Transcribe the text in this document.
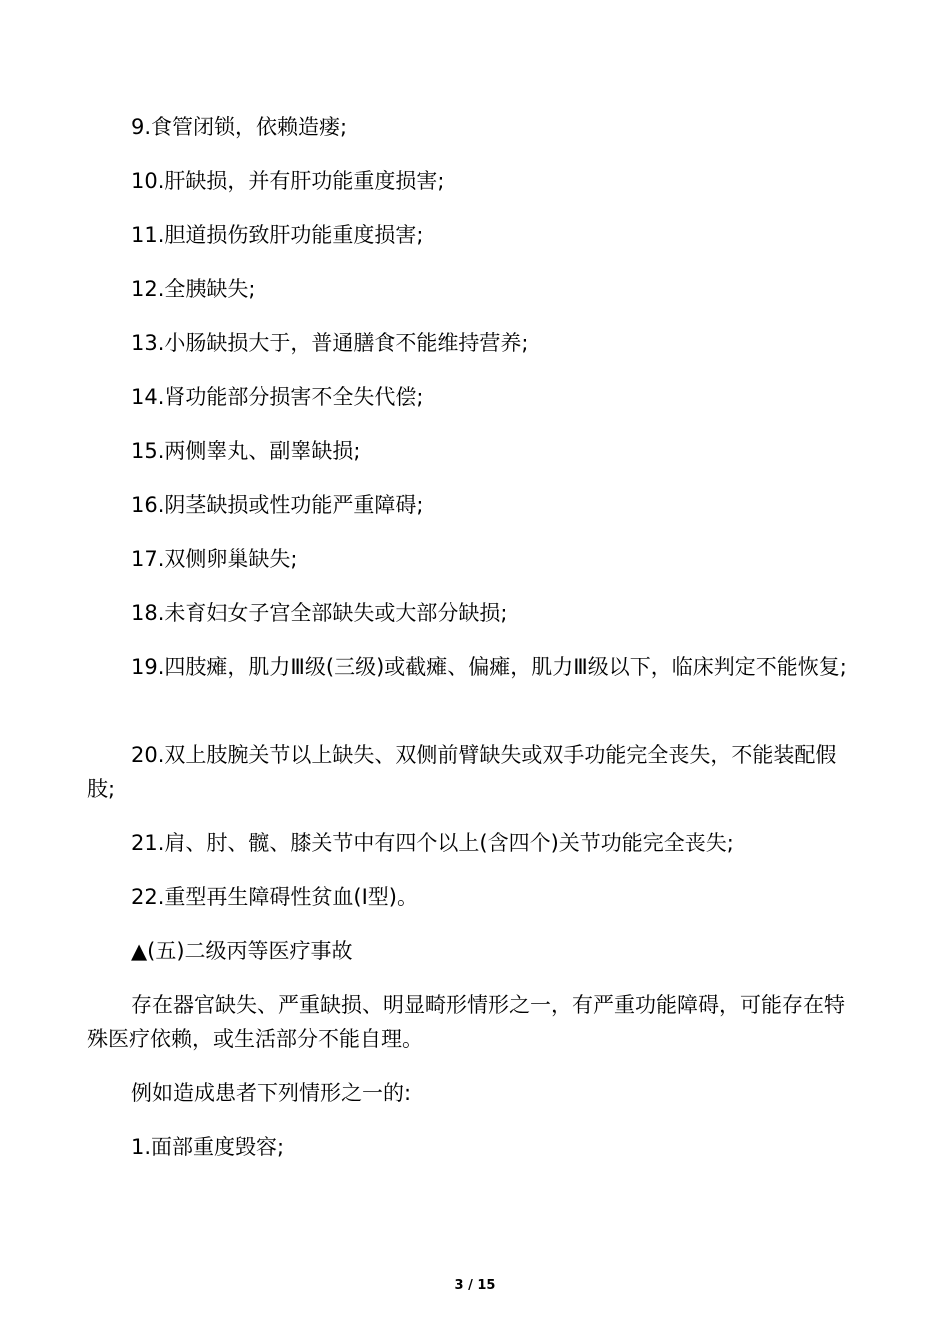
9.食管闭锁，依赖造瘘;

10.肝缺损，并有肝功能重度损害;

11.胆道损伤致肝功能重度损害;

12.全胰缺失;

13.小肠缺损大于，普通膳食不能维持营养;

14.肾功能部分损害不全失代偿;

15.两侧睾丸、副睾缺损;

16.阴茎缺损或性功能严重障碍;

17.双侧卵巢缺失;

18.未育妇女子宫全部缺失或大部分缺损;

19.四肢瘫，肌力Ⅲ级(三级)或截瘫、偏瘫，肌力Ⅲ级以下，临床判定不能恢复;

20.双上肢腕关节以上缺失、双侧前臂缺失或双手功能完全丧失，不能装配假肢;

21.肩、肘、髋、膝关节中有四个以上(含四个)关节功能完全丧失;

22.重型再生障碍性贫血(Ⅰ型)。

▲(五)二级丙等医疗事故

存在器官缺失、严重缺损、明显畸形情形之一，有严重功能障碍，可能存在特殊医疗依赖，或生活部分不能自理。

例如造成患者下列情形之一的:

1.面部重度毁容;

3 / 15
